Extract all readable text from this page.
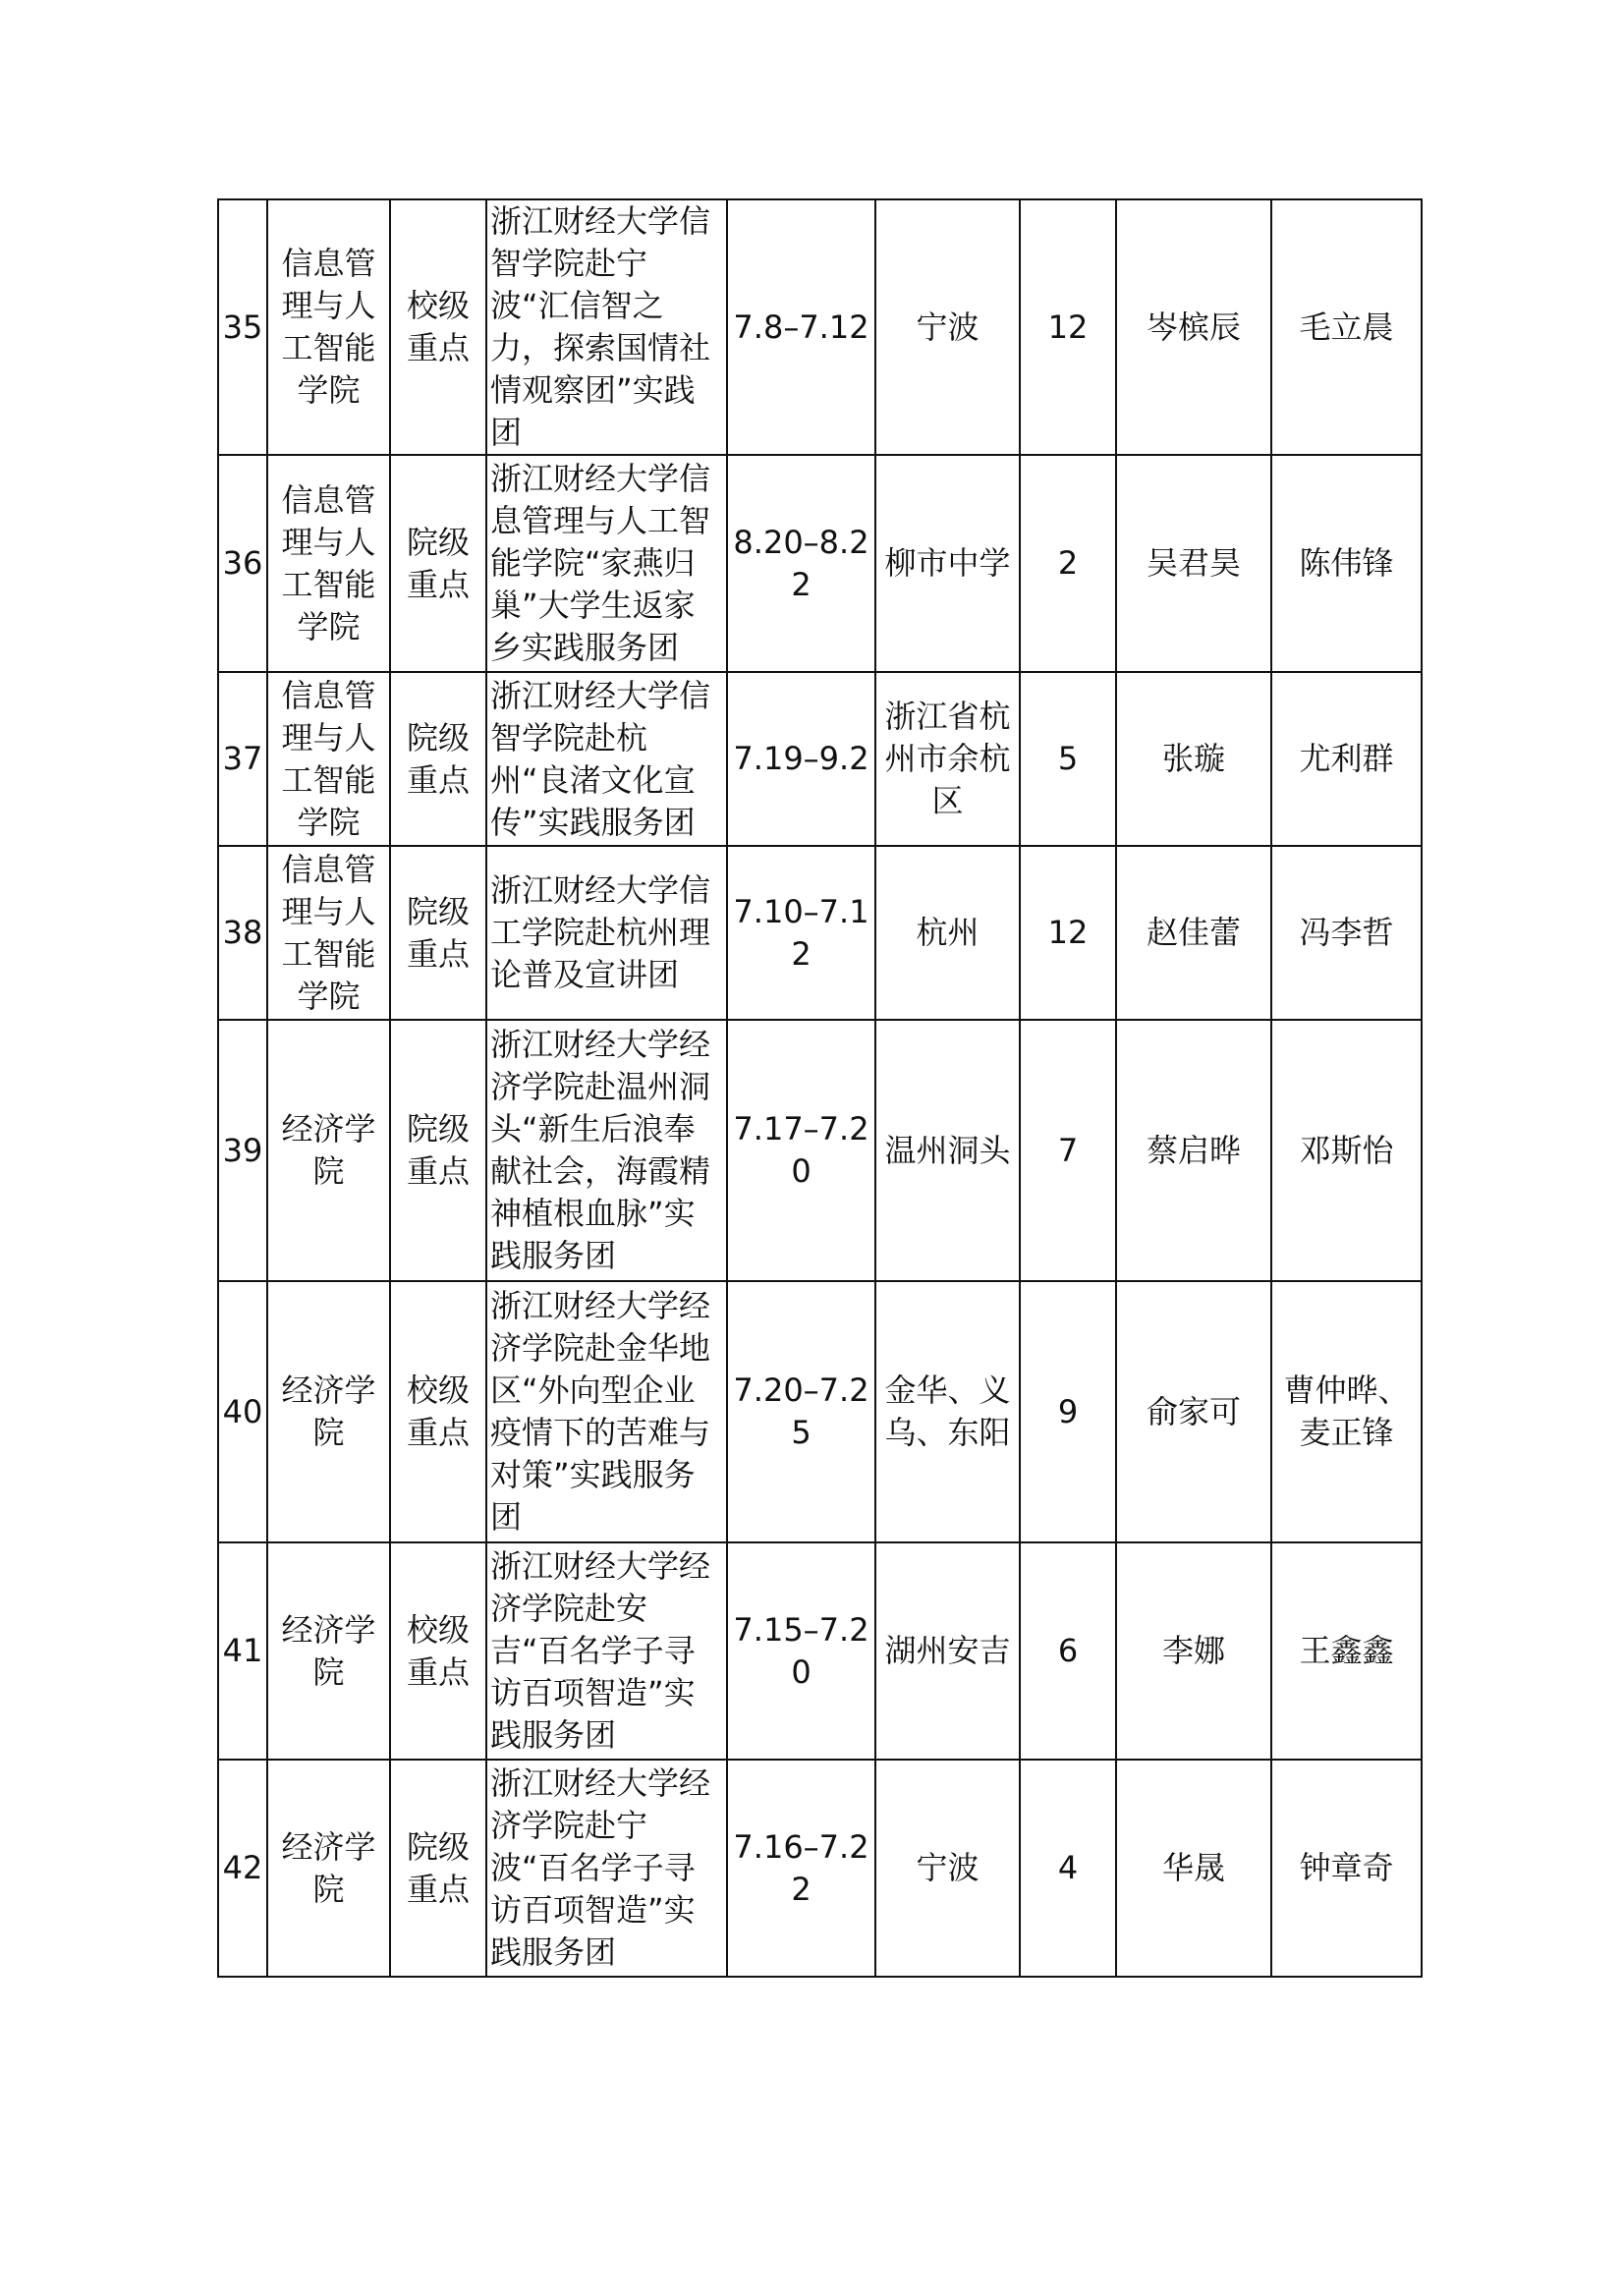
35	信息管理与人工智能学院	校级重点	浙江财经大学信智学院赴宁波“汇信智之力，探索国情社情观察团”实践团	7.8–7.12	宁波	12	岑槟辰	毛立晨
36	信息管理与人工智能学院	院级重点	浙江财经大学信息管理与人工智能学院“家燕归巢”大学生返家乡实践服务团	8.20–8.22	柳市中学	2	吴君昊	陈伟锋
37	信息管理与人工智能学院	院级重点	浙江财经大学信智学院赴杭州“良渚文化宣传”实践服务团	7.19–9.2	浙江省杭州市余杭区	5	张璇	尤利群
38	信息管理与人工智能学院	院级重点	浙江财经大学信工学院赴杭州理论普及宣讲团	7.10–7.12	杭州	12	赵佳蕾	冯李哲
39	经济学院	院级重点	浙江财经大学经济学院赴温州洞头“新生后浪奉献社会，海霞精神植根血脉”实践服务团	7.17–7.20	温州洞头	7	蔡启晔	邓斯怡
40	经济学院	校级重点	浙江财经大学经济学院赴金华地区“外向型企业疫情下的苦难与对策”实践服务团	7.20–7.25	金华、义乌、东阳	9	俞家可	曹仲晔、麦正锋
41	经济学院	校级重点	浙江财经大学经济学院赴安吉“百名学子寻访百项智造”实践服务团	7.15–7.20	湖州安吉	6	李娜	王鑫鑫
42	经济学院	院级重点	浙江财经大学经济学院赴宁波“百名学子寻访百项智造”实践服务团	7.16–7.22	宁波	4	华晟	钟章奇
